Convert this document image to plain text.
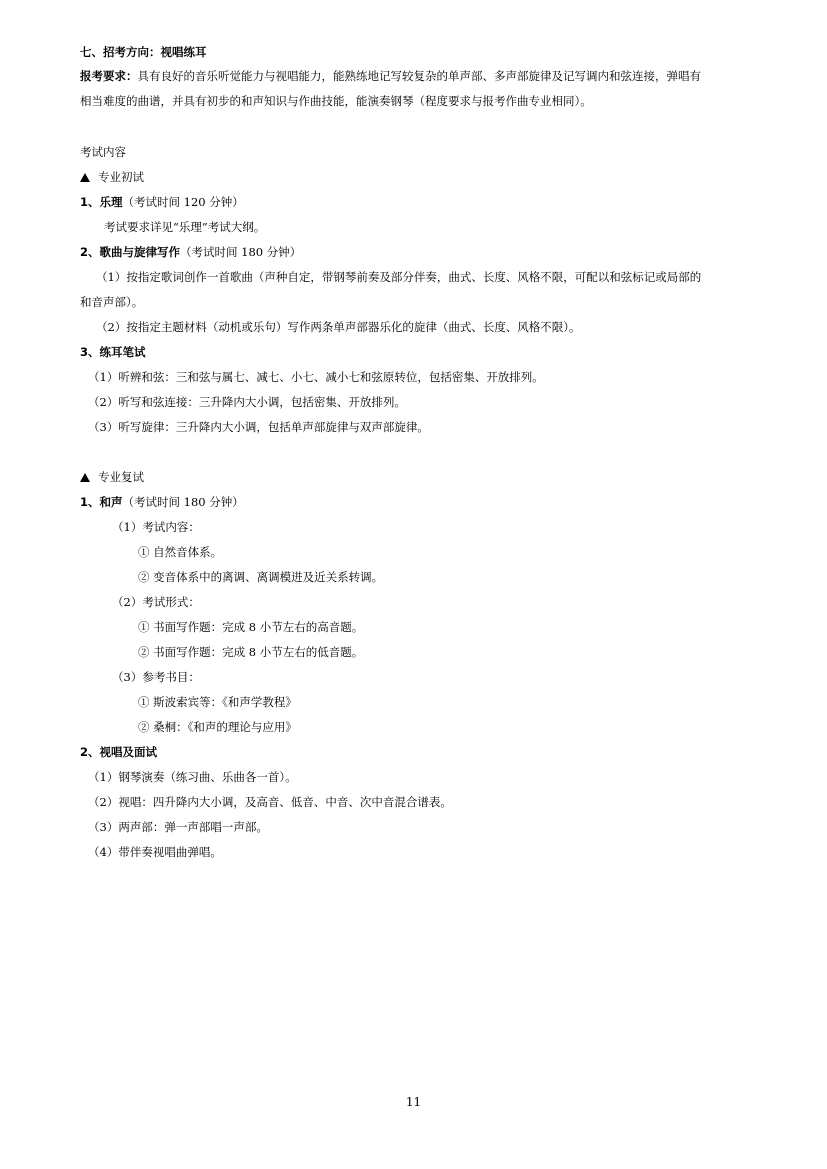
七、招考方向：视唱练耳
报考要求：具有良好的音乐听觉能力与视唱能力，能熟练地记写较复杂的单声部、多声部旋律及记写调内和弦连接，弹唱有
相当难度的曲谱，并具有初步的和声知识与作曲技能，能演奏钢琴（程度要求与报考作曲专业相同）。
考试内容
专业初试
1、乐理（考试时间 120 分钟）
考试要求详见“乐理”考试大纲。
2、歌曲与旋律写作（考试时间 180 分钟）
（1）按指定歌词创作一首歌曲（声种自定，带钢琴前奏及部分伴奏，曲式、长度、风格不限，可配以和弦标记或局部的
和音声部）。
（2）按指定主题材料（动机或乐句）写作两条单声部器乐化的旋律（曲式、长度、风格不限）。
3、练耳笔试
（1）听辨和弦：三和弦与属七、减七、小七、减小七和弦原转位，包括密集、开放排列。
（2）听写和弦连接：三升降内大小调，包括密集、开放排列。
（3）听写旋律：三升降内大小调，包括单声部旋律与双声部旋律。
专业复试
1、和声（考试时间 180 分钟）
（1）考试内容：
① 自然音体系。
② 变音体系中的离调、离调模进及近关系转调。
（2）考试形式：
① 书面写作题：完成 8 小节左右的高音题。
② 书面写作题：完成 8 小节左右的低音题。
（3）参考书目：
① 斯波索宾等：《和声学教程》
② 桑桐：《和声的理论与应用》
2、视唱及面试
（1）钢琴演奏（练习曲、乐曲各一首）。
（2）视唱：四升降内大小调，及高音、低音、中音、次中音混合谱表。
（3）两声部：弹一声部唱一声部。
（4）带伴奏视唱曲弹唱。
11
